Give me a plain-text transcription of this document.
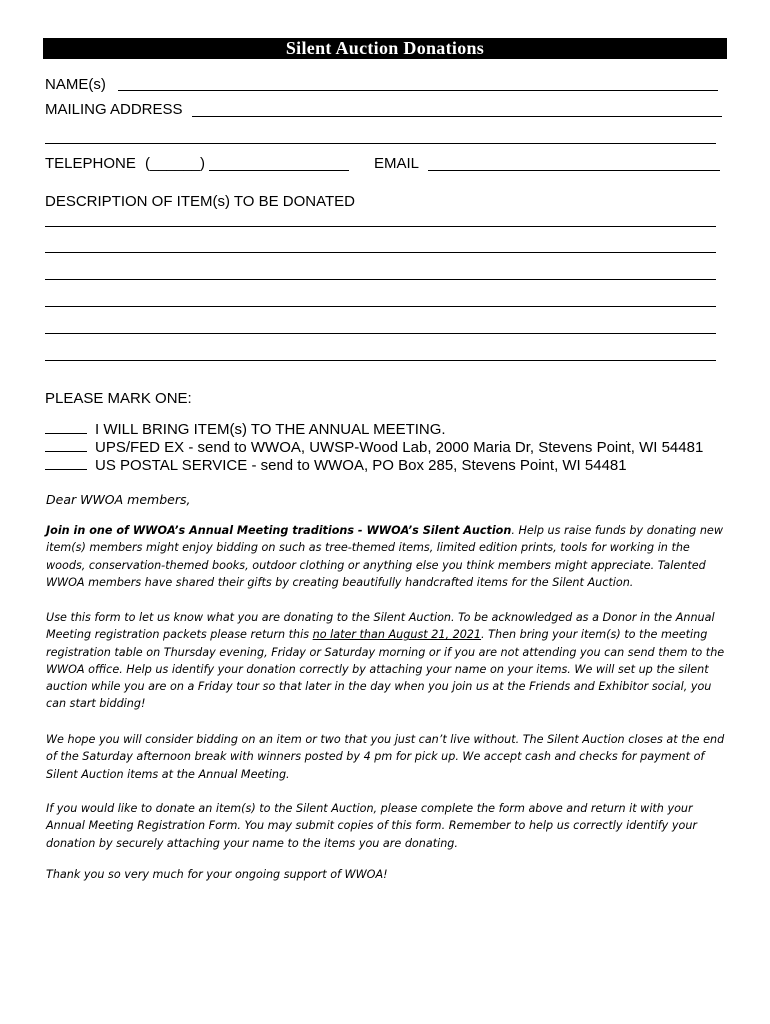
Silent Auction Donations
NAME(s)
MAILING ADDRESS
TELEPHONE (______)	EMAIL
DESCRIPTION OF ITEM(s) TO BE DONATED
PLEASE MARK ONE:
I WILL BRING ITEM(s) TO THE ANNUAL MEETING.
UPS/FED EX - send to WWOA, UWSP-Wood Lab, 2000 Maria Dr, Stevens Point, WI 54481
US POSTAL SERVICE - send to WWOA, PO Box 285, Stevens Point, WI 54481
Dear WWOA members,

Join in one of WWOA’s Annual Meeting traditions - WWOA’s Silent Auction. Help us raise funds by donating new item(s) members might enjoy bidding on such as tree-themed items, limited edition prints, tools for working in the woods, conservation-themed books, outdoor clothing or anything else you think members might appreciate. Talented WWOA members have shared their gifts by creating beautifully handcrafted items for the Silent Auction.

Use this form to let us know what you are donating to the Silent Auction. To be acknowledged as a Donor in the Annual Meeting registration packets please return this no later than August 21, 2021. Then bring your item(s) to the meeting registration table on Thursday evening, Friday or Saturday morning or if you are not attending you can send them to the WWOA office. Help us identify your donation correctly by attaching your name on your items. We will set up the silent auction while you are on a Friday tour so that later in the day when you join us at the Friends and Exhibitor social, you can start bidding!

We hope you will consider bidding on an item or two that you just can’t live without. The Silent Auction closes at the end of the Saturday afternoon break with winners posted by 4 pm for pick up. We accept cash and checks for payment of Silent Auction items at the Annual Meeting.

If you would like to donate an item(s) to the Silent Auction, please complete the form above and return it with your Annual Meeting Registration Form. You may submit copies of this form. Remember to help us correctly identify your donation by securely attaching your name to the items you are donating.

Thank you so very much for your ongoing support of WWOA!
